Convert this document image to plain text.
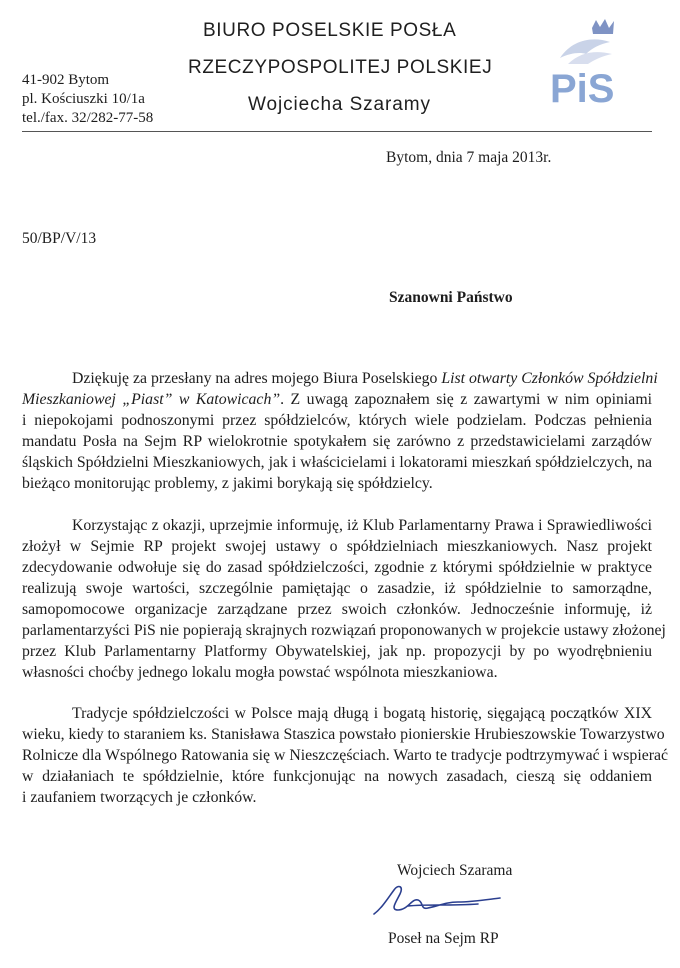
BIURO POSELSKIE POSŁA
RZECZYPOSPOLITEJ POLSKIEJ
Wojciecha Szaramy
41-902 Bytom
pl. Kościuszki 10/1a
tel./fax. 32/282-77-58
PiS
Bytom, dnia 7 maja 2013r.
50/BP/V/13
Szanowni Państwo
Dziękuję za przesłany na adres mojego Biura Poselskiego List otwarty Członków Spółdzielni
Mieszkaniowej „Piast” w Katowicach”. Z uwagą zapoznałem się z zawartymi w nim opiniami
i niepokojami podnoszonymi przez spółdzielców, których wiele podzielam. Podczas pełnienia
mandatu Posła na Sejm RP wielokrotnie spotykałem się zarówno z przedstawicielami zarządów
śląskich Spółdzielni Mieszkaniowych, jak i właścicielami i lokatorami mieszkań spółdzielczych, na
bieżąco monitorując problemy, z jakimi borykają się spółdzielcy.
Korzystając z okazji, uprzejmie informuję, iż Klub Parlamentarny Prawa i Sprawiedliwości
złożył w Sejmie RP projekt swojej ustawy o spółdzielniach mieszkaniowych. Nasz projekt
zdecydowanie odwołuje się do zasad spółdzielczości, zgodnie z którymi spółdzielnie w praktyce
realizują swoje wartości, szczególnie pamiętając o zasadzie, iż spółdzielnie to samorządne,
samopomocowe organizacje zarządzane przez swoich członków. Jednocześnie informuję, iż
parlamentarzyści PiS nie popierają skrajnych rozwiązań proponowanych w projekcie ustawy złożonej
przez Klub Parlamentarny Platformy Obywatelskiej, jak np. propozycji by po wyodrębnieniu
własności choćby jednego lokalu mogła powstać wspólnota mieszkaniowa.
Tradycje spółdzielczości w Polsce mają długą i bogatą historię, sięgającą początków XIX
wieku, kiedy to staraniem ks. Stanisława Staszica powstało pionierskie Hrubieszowskie Towarzystwo
Rolnicze dla Wspólnego Ratowania się w Nieszczęściach. Warto te tradycje podtrzymywać i wspierać
w działaniach te spółdzielnie, które funkcjonując na nowych zasadach, cieszą się oddaniem
i zaufaniem tworzących je członków.
Wojciech Szarama
Poseł na Sejm RP
